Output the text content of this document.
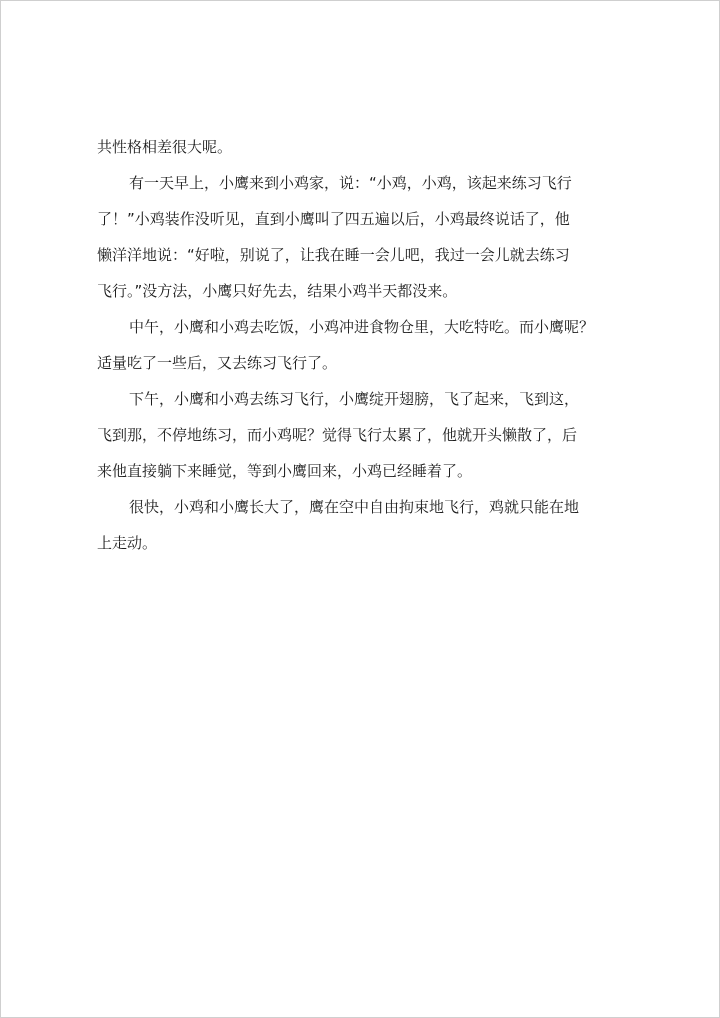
共性格相差很大呢。
有一天早上，小鹰来到小鸡家，说：“小鸡，小鸡，该起来练习飞行
了！”小鸡装作没听见，直到小鹰叫了四五遍以后，小鸡最终说话了，他
懒洋洋地说：“好啦，别说了，让我在睡一会儿吧，我过一会儿就去练习
飞行。”没方法，小鹰只好先去，结果小鸡半天都没来。
中午，小鹰和小鸡去吃饭，小鸡冲进食物仓里，大吃特吃。而小鹰呢？
适量吃了一些后，又去练习飞行了。
下午，小鹰和小鸡去练习飞行，小鹰绽开翅膀，飞了起来，飞到这，
飞到那，不停地练习，而小鸡呢？觉得飞行太累了，他就开头懒散了，后
来他直接躺下来睡觉，等到小鹰回来，小鸡已经睡着了。
很快，小鸡和小鹰长大了，鹰在空中自由拘束地飞行，鸡就只能在地
上走动。
